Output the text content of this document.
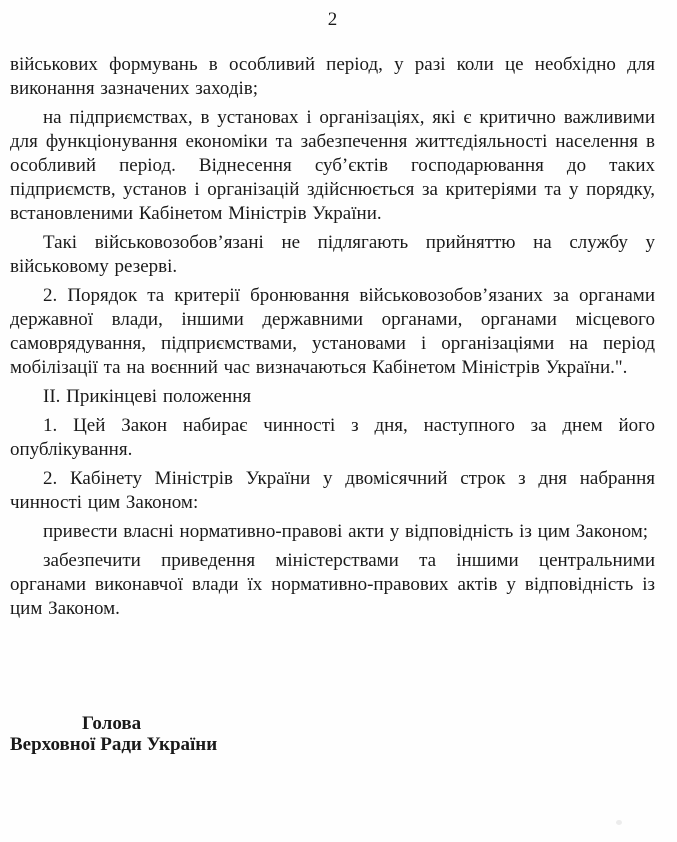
2

військових формувань в особливий період, у разі коли це необхідно для виконання зазначених заходів;

на підприємствах, в установах і організаціях, які є критично важливими для функціонування економіки та забезпечення життєдіяльності населення в особливий період. Віднесення суб’єктів господарювання до таких підприємств, установ і організацій здійснюється за критеріями та у порядку, встановленими Кабінетом Міністрів України.

Такі військовозобов’язані не підлягають прийняттю на службу у військовому резерві.

2. Порядок та критерії бронювання військовозобов’язаних за органами державної влади, іншими державними органами, органами місцевого самоврядування, підприємствами, установами і організаціями на період мобілізації та на воєнний час визначаються Кабінетом Міністрів України.".

II. Прикінцеві положення

1. Цей Закон набирає чинності з дня, наступного за днем його опублікування.

2. Кабінету Міністрів України у двомісячний строк з дня набрання чинності цим Законом:

привести власні нормативно-правові акти у відповідність із цим Законом;

забезпечити приведення міністерствами та іншими центральними органами виконавчої влади їх нормативно-правових актів у відповідність із цим Законом.

Голова
Верховної Ради України
